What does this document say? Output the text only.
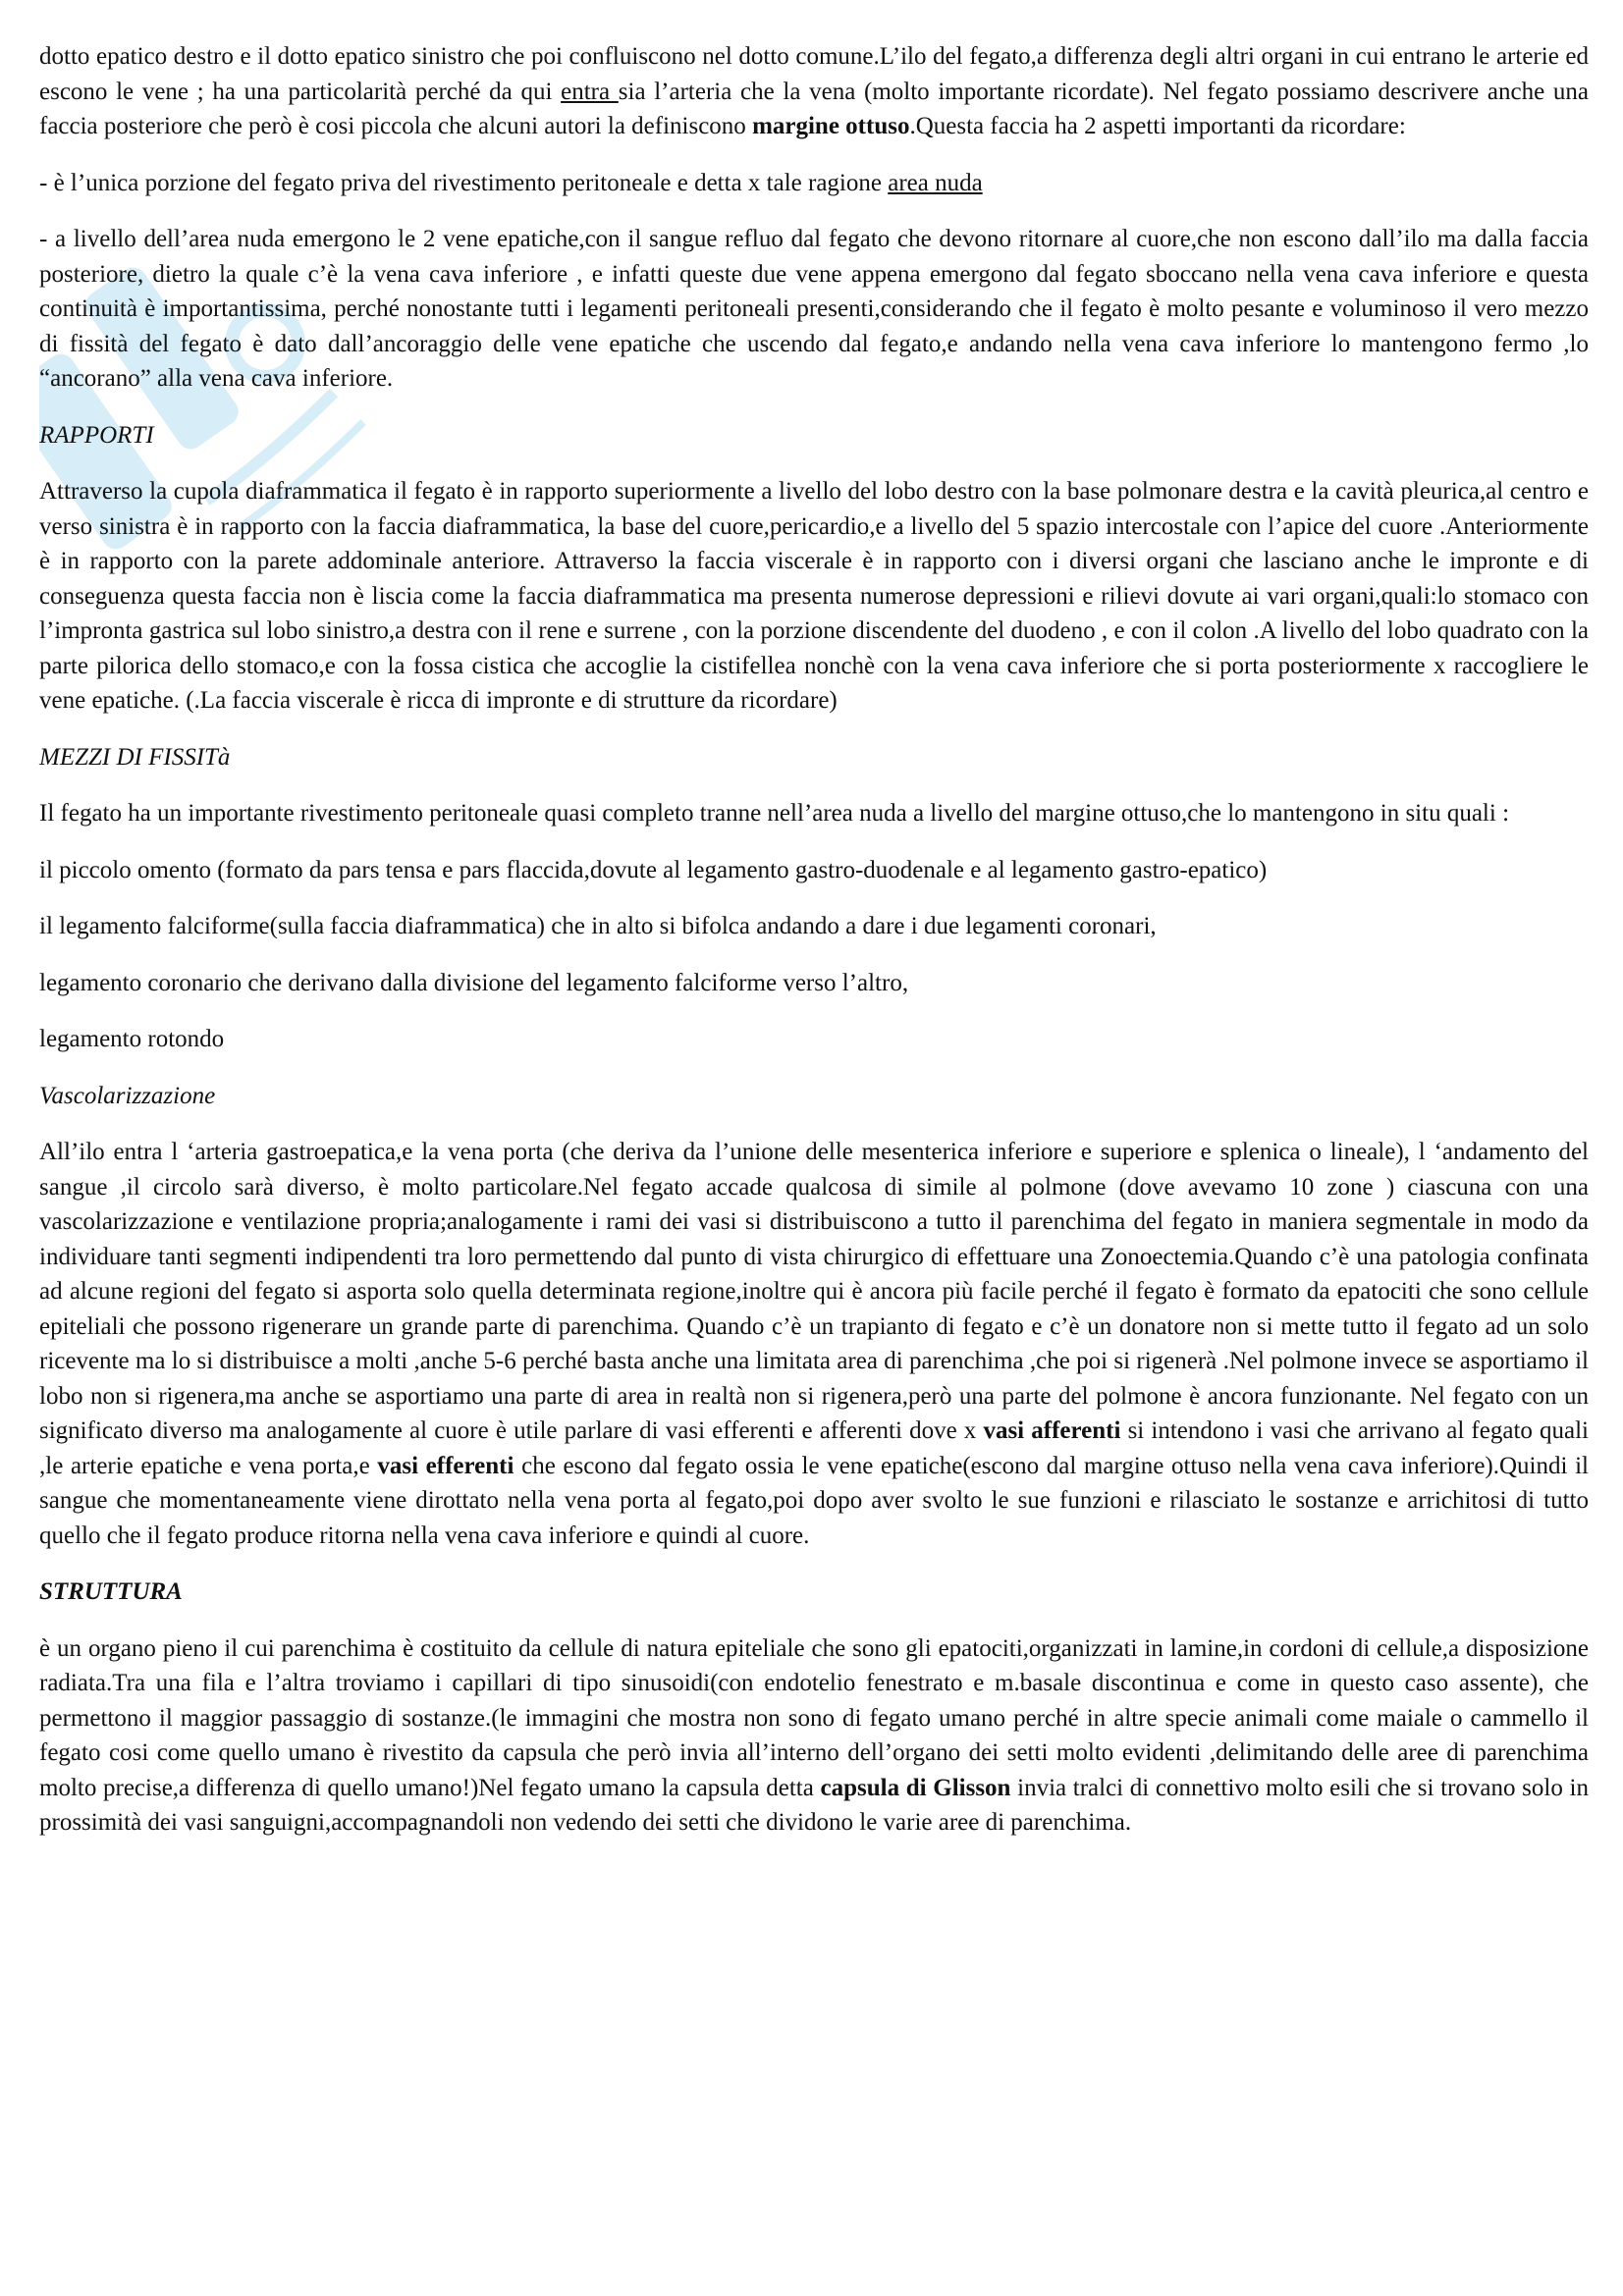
dotto epatico destro e il dotto epatico sinistro che poi confluiscono nel dotto comune.L’ilo del fegato,a differenza degli altri organi in cui entrano le arterie ed escono le vene ; ha una particolarità perché da qui entra sia l’arteria che la vena (molto importante ricordate). Nel fegato possiamo descrivere anche una faccia posteriore che però è cosi piccola che alcuni autori la definiscono margine ottuso.Questa faccia ha 2 aspetti importanti da ricordare:

- è l’unica porzione del fegato priva del rivestimento peritoneale e detta x tale ragione area nuda

- a livello dell’area nuda emergono le 2 vene epatiche,con il sangue refluo dal fegato che devono ritornare al cuore,che non escono dall’ilo ma dalla faccia posteriore, dietro la quale c’è la vena cava inferiore , e infatti queste due vene appena emergono dal fegato sboccano nella vena cava inferiore e questa continuità è importantissima, perché nonostante tutti i legamenti peritoneali presenti,considerando che il fegato è molto pesante e voluminoso il vero mezzo di fissità del fegato è dato dall’ancoraggio delle vene epatiche che uscendo dal fegato,e andando nella vena cava inferiore lo mantengono fermo ,lo “ancorano” alla vena cava inferiore.

RAPPORTI

Attraverso la cupola diaframmatica il fegato è in rapporto superiormente a livello del lobo destro con la base polmonare destra e la cavità pleurica,al centro e verso sinistra è in rapporto con la faccia diaframmatica, la base del cuore,pericardio,e a livello del 5 spazio intercostale con l’apice del cuore .Anteriormente è in rapporto con la parete addominale anteriore. Attraverso la faccia viscerale è in rapporto con i diversi organi che lasciano anche le impronte e di conseguenza questa faccia non è liscia come la faccia diaframmatica ma presenta numerose depressioni e rilievi dovute ai vari organi,quali:lo stomaco con l’impronta gastrica sul lobo sinistro,a destra con il rene e surrene , con la porzione discendente del duodeno , e con il colon .A livello del lobo quadrato con la parte pilorica dello stomaco,e con la fossa cistica che accoglie la cistifellea nonchè con la vena cava inferiore che si porta posteriormente x raccogliere le vene epatiche. (.La faccia viscerale è ricca di impronte e di strutture da ricordare)

MEZZI DI FISSITà

Il fegato ha un importante rivestimento peritoneale quasi completo tranne nell’area nuda a livello del margine ottuso,che lo mantengono in situ quali :

il piccolo omento (formato da pars tensa e pars flaccida,dovute al legamento gastro-duodenale e al legamento gastro-epatico)

il legamento falciforme(sulla faccia diaframmatica) che in alto si bifolca andando a dare i due legamenti coronari,

legamento coronario che derivano dalla divisione del legamento falciforme verso l’altro,

legamento rotondo

Vascolarizzazione

All’ilo entra l ‘arteria gastroepatica,e la vena porta (che deriva da l’unione delle mesenterica inferiore e superiore e splenica o lineale), l ‘andamento del sangue ,il circolo sarà diverso, è molto particolare.Nel fegato accade qualcosa di simile al polmone (dove avevamo 10 zone ) ciascuna con una vascolarizzazione e ventilazione propria;analogamente i rami dei vasi si distribuiscono a tutto il parenchima del fegato in maniera segmentale in modo da individuare tanti segmenti indipendenti tra loro permettendo dal punto di vista chirurgico di effettuare una Zonoectemia.Quando c’è una patologia confinata ad alcune regioni del fegato si asporta solo quella determinata regione,inoltre qui è ancora più facile perché il fegato è formato da epatociti che sono cellule epiteliali che possono rigenerare un grande parte di parenchima. Quando c’è un trapianto di fegato e c’è un donatore non si mette tutto il fegato ad un solo ricevente ma lo si distribuisce a molti ,anche 5-6 perché basta anche una limitata area di parenchima ,che poi si rigenerà .Nel polmone invece se asportiamo il lobo non si rigenera,ma anche se asportiamo una parte di area in realtà non si rigenera,però una parte del polmone è ancora funzionante. Nel fegato con un significato diverso ma analogamente al cuore è utile parlare di vasi efferenti e afferenti dove x vasi afferenti si intendono i vasi che arrivano al fegato quali ,le arterie epatiche e vena porta,e vasi efferenti che escono dal fegato ossia le vene epatiche(escono dal margine ottuso nella vena cava inferiore).Quindi il sangue che momentaneamente viene dirottato nella vena porta al fegato,poi dopo aver svolto le sue funzioni e rilasciato le sostanze e arrichitosi di tutto quello che il fegato produce ritorna nella vena cava inferiore e quindi al cuore.

STRUTTURA

è un organo pieno il cui parenchima è costituito da cellule di natura epiteliale che sono gli epatociti,organizzati in lamine,in cordoni di cellule,a disposizione radiata.Tra una fila e l’altra troviamo i capillari di tipo sinusoidi(con endotelio fenestrato e m.basale discontinua e come in questo caso assente), che permettono il maggior passaggio di sostanze.(le immagini che mostra non sono di fegato umano perché in altre specie animali come maiale o cammello il fegato cosi come quello umano è rivestito da capsula che però invia all’interno dell’organo dei setti molto evidenti ,delimitando delle aree di parenchima molto precise,a differenza di quello umano!)Nel fegato umano la capsula detta capsula di Glisson invia tralci di connettivo molto esili che si trovano solo in prossimità dei vasi sanguigni,accompagnandoli non vedendo dei setti che dividono le varie aree di parenchima.
